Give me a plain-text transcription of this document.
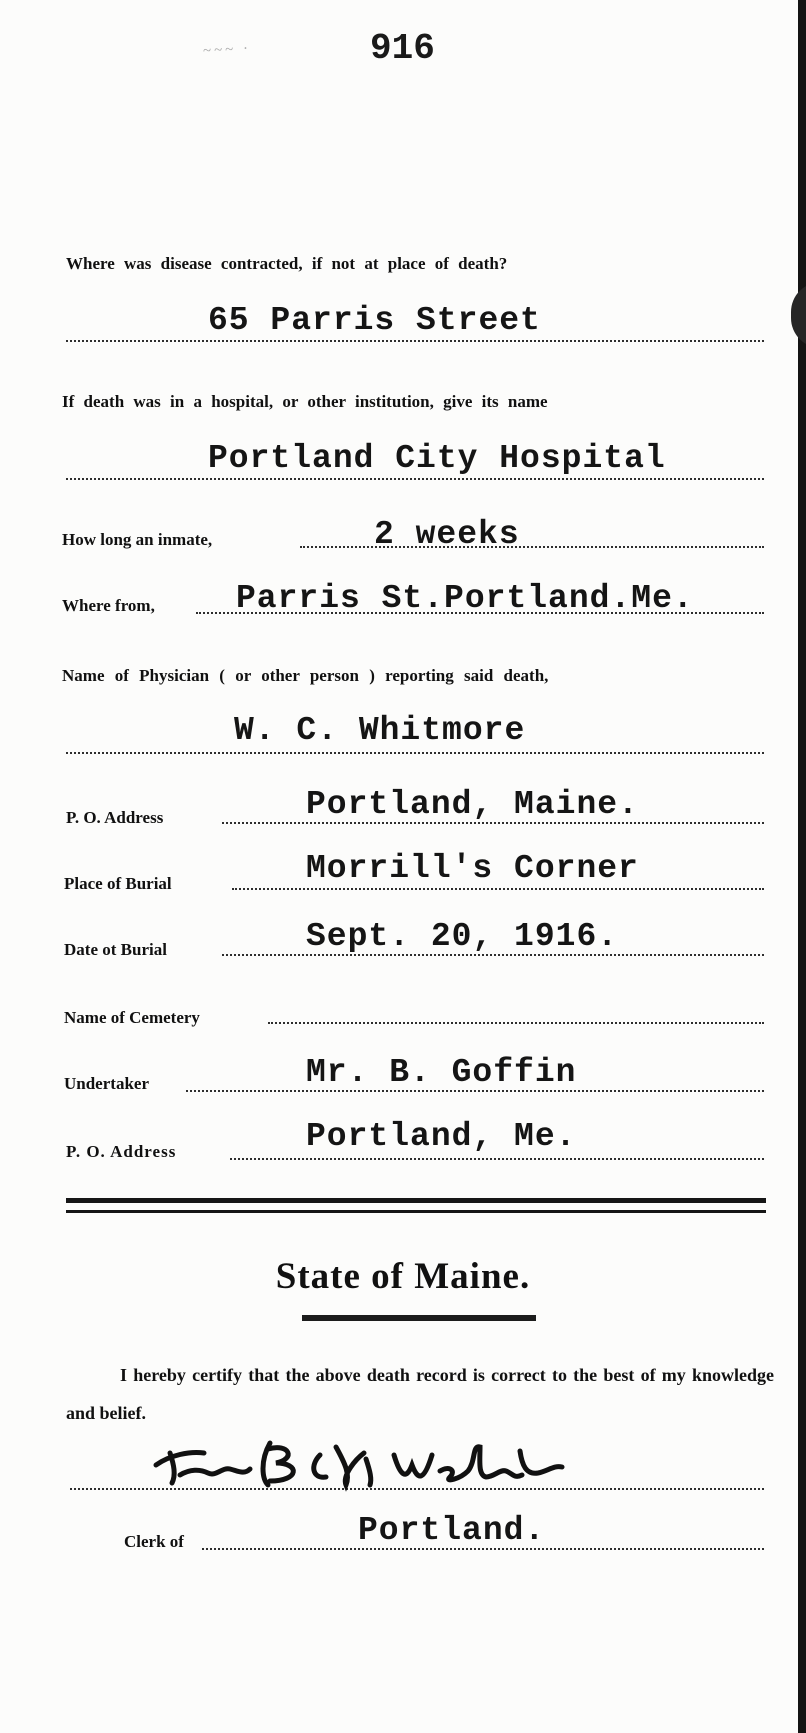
~~~ ·	916
Where was disease contracted, if not at place of death?
65 Parris Street
If death was in a hospital, or other institution, give its name
Portland City Hospital
How long an inmate,	2 weeks
Where from, Parris St.Portland.Me.
Name of Physician ( or other person ) reporting said death,
W. C. Whitmore
P. O. Address	Portland, Maine.
Place of Burial	Morrill's Corner
Date ot Burial	Sept. 20, 1916.
Name of Cemetery
Undertaker	Mr. B. Goffin
P. O. Address	Portland, Me.
State of Maine.
I hereby certify that the above death record is correct to the best of my knowledge and belief.
Clerk of	Portland.
